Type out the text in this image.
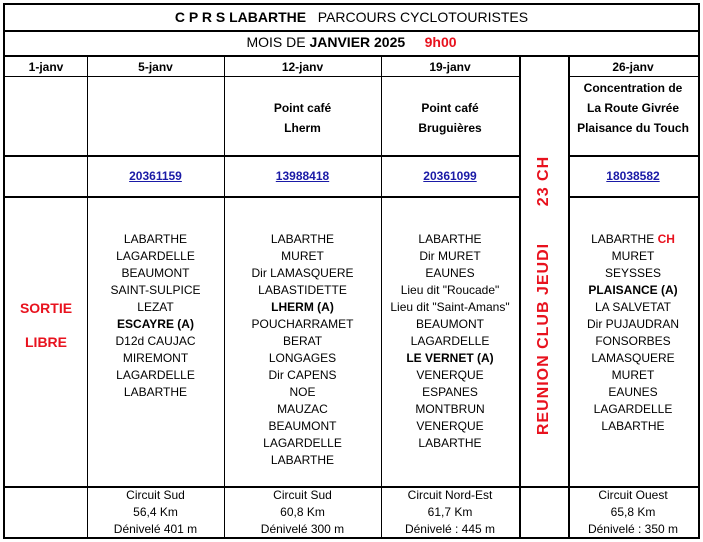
C P R S LABARTHE PARCOURS CYCLOTOURISTES
MOIS DE JANVIER 2025 9h00
1-janv
SORTIE
LIBRE
5-janv
20361159
LABARTHE
LAGARDELLE
BEAUMONT
SAINT-SULPICE
LEZAT
ESCAYRE (A)
D12d CAUJAC
MIREMONT
LAGARDELLE
LABARTHE
Circuit Sud
56,4 Km
Dénivelé 401 m
12-janv
Point café
Lherm
13988418
LABARTHE
MURET
Dir LAMASQUERE
LABASTIDETTE
LHERM (A)
POUCHARRAMET
BERAT
LONGAGES
Dir CAPENS
NOE
MAUZAC
BEAUMONT
LAGARDELLE
LABARTHE
Circuit Sud
60,8 Km
Dénivelé 300 m
19-janv
Point café
Bruguières
20361099
LABARTHE
Dir MURET
EAUNES
Lieu dit "Roucade"
Lieu dit "Saint-Amans"
BEAUMONT
LAGARDELLE
LE VERNET (A)
VENERQUE
ESPANES
MONTBRUN
VENERQUE
LABARTHE
Circuit Nord-Est
61,7 Km
Dénivelé : 445 m
23 CH
REUNION CLUB JEUDI
26-janv
Concentration de
La Route Givrée
Plaisance du Touch
18038582
LABARTHE CH
MURET
SEYSSES
PLAISANCE (A)
LA SALVETAT
Dir PUJAUDRAN
FONSORBES
LAMASQUERE
MURET
EAUNES
LAGARDELLE
LABARTHE
Circuit Ouest
65,8 Km
Dénivelé : 350 m
